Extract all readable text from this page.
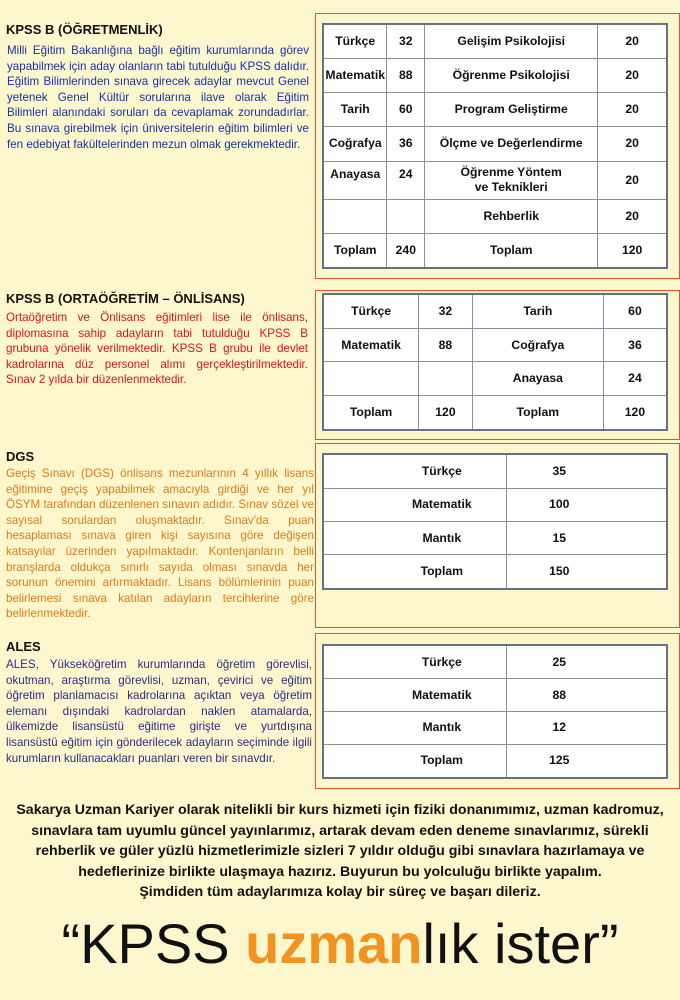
KPSS B (ÖĞRETMENLİK)

Milli Eğitim Bakanlığına bağlı eğitim kurumlarında görev yapabilmek için aday olanların tabi tutulduğu KPSS dalıdır. Eğitim Bilimlerinden sınava girecek adaylar mevcut Genel yetenek Genel Kültür sorularına ilave olarak Eğitim Bilimleri alanındaki soruları da cevaplamak zorundadırlar. Bu sınava girebilmek için üniversitelerin eğitim bilimleri ve fen edebiyat fakültelerinden mezun olmak gerekmektedir.

Türkçe	32	Gelişim Psikolojisi	20
Matematik	88	Öğrenme Psikolojisi	20
Tarih	60	Program Geliştirme	20
Coğrafya	36	Ölçme ve Değerlendirme	20
Anayasa	24	Öğrenme Yöntem ve Teknikleri	20
		Rehberlik	20
Toplam	240	Toplam	120
KPSS B (ORTAÖĞRETİM – ÖNLİSANS)

Ortaöğretim ve Önlisans eğitimleri lise ile önlisans, diplomasına sahip adayların tabi tutulduğu KPSS B grubuna yönelik verilmektedir. KPSS B grubu ile devlet kadrolarına düz personel alımı gerçekleştirilmektedir. Sınav 2 yılda bir düzenlenmektedir.

Türkçe	32	Tarih	60
Matematik	88	Coğrafya	36
		Anayasa	24
Toplam	120	Toplam	120
DGS

Geçiş Sınavı (DGS) önlisans mezunlarının 4 yıllık lisans eğitimine geçiş yapabilmek amacıyla girdiği ve her yıl ÖSYM tarafından düzenlenen sınavın adıdır. Sınav sözel ve sayısal sorulardan oluşmaktadır. Sınav'da puan hesaplaması sınava giren kişi sayısına göre değişen katsayılar üzerinden yapılmaktadır. Kontenjanların belli branşlarda oldukça sınırlı sayıda olması sınavda her sorunun önemini artırmaktadır. Lisans bölümlerinin puan belirlemesi sınava katılan adayların tercihlerine göre belirlenmektedir.

Türkçe	35
Matematik	100
Mantık	15
Toplam	150
ALES

ALES, Yükseköğretim kurumlarında öğretim görevlisi, okutman, araştırma görevlisi, uzman, çevirici ve eğitim öğretim planlamacısı kadrolarına açıktan veya öğretim elemanı dışındaki kadrolardan naklen atamalarda, ülkemizde lisansüstü eğitime girişte ve yurtdışına lisansüstü eğitim için gönderilecek adayların seçiminde ilgili kurumların kullanacakları puanları veren bir sınavdır.

Türkçe	25
Matematik	88
Mantık	12
Toplam	125
Sakarya Uzman Kariyer olarak nitelikli bir kurs hizmeti için fiziki donanımımız, uzman kadromuz,
sınavlara tam uyumlu güncel yayınlarımız, artarak devam eden deneme sınavlarımız, sürekli
rehberlik ve güler yüzlü hizmetlerimizle sizleri 7 yıldır olduğu gibi sınavlara hazırlamaya ve
hedeflerinize birlikte ulaşmaya hazırız. Buyurun bu yolculuğu birlikte yapalım.
Şimdiden tüm adaylarımıza kolay bir süreç ve başarı dileriz.
“KPSS uzmanlık ister”
